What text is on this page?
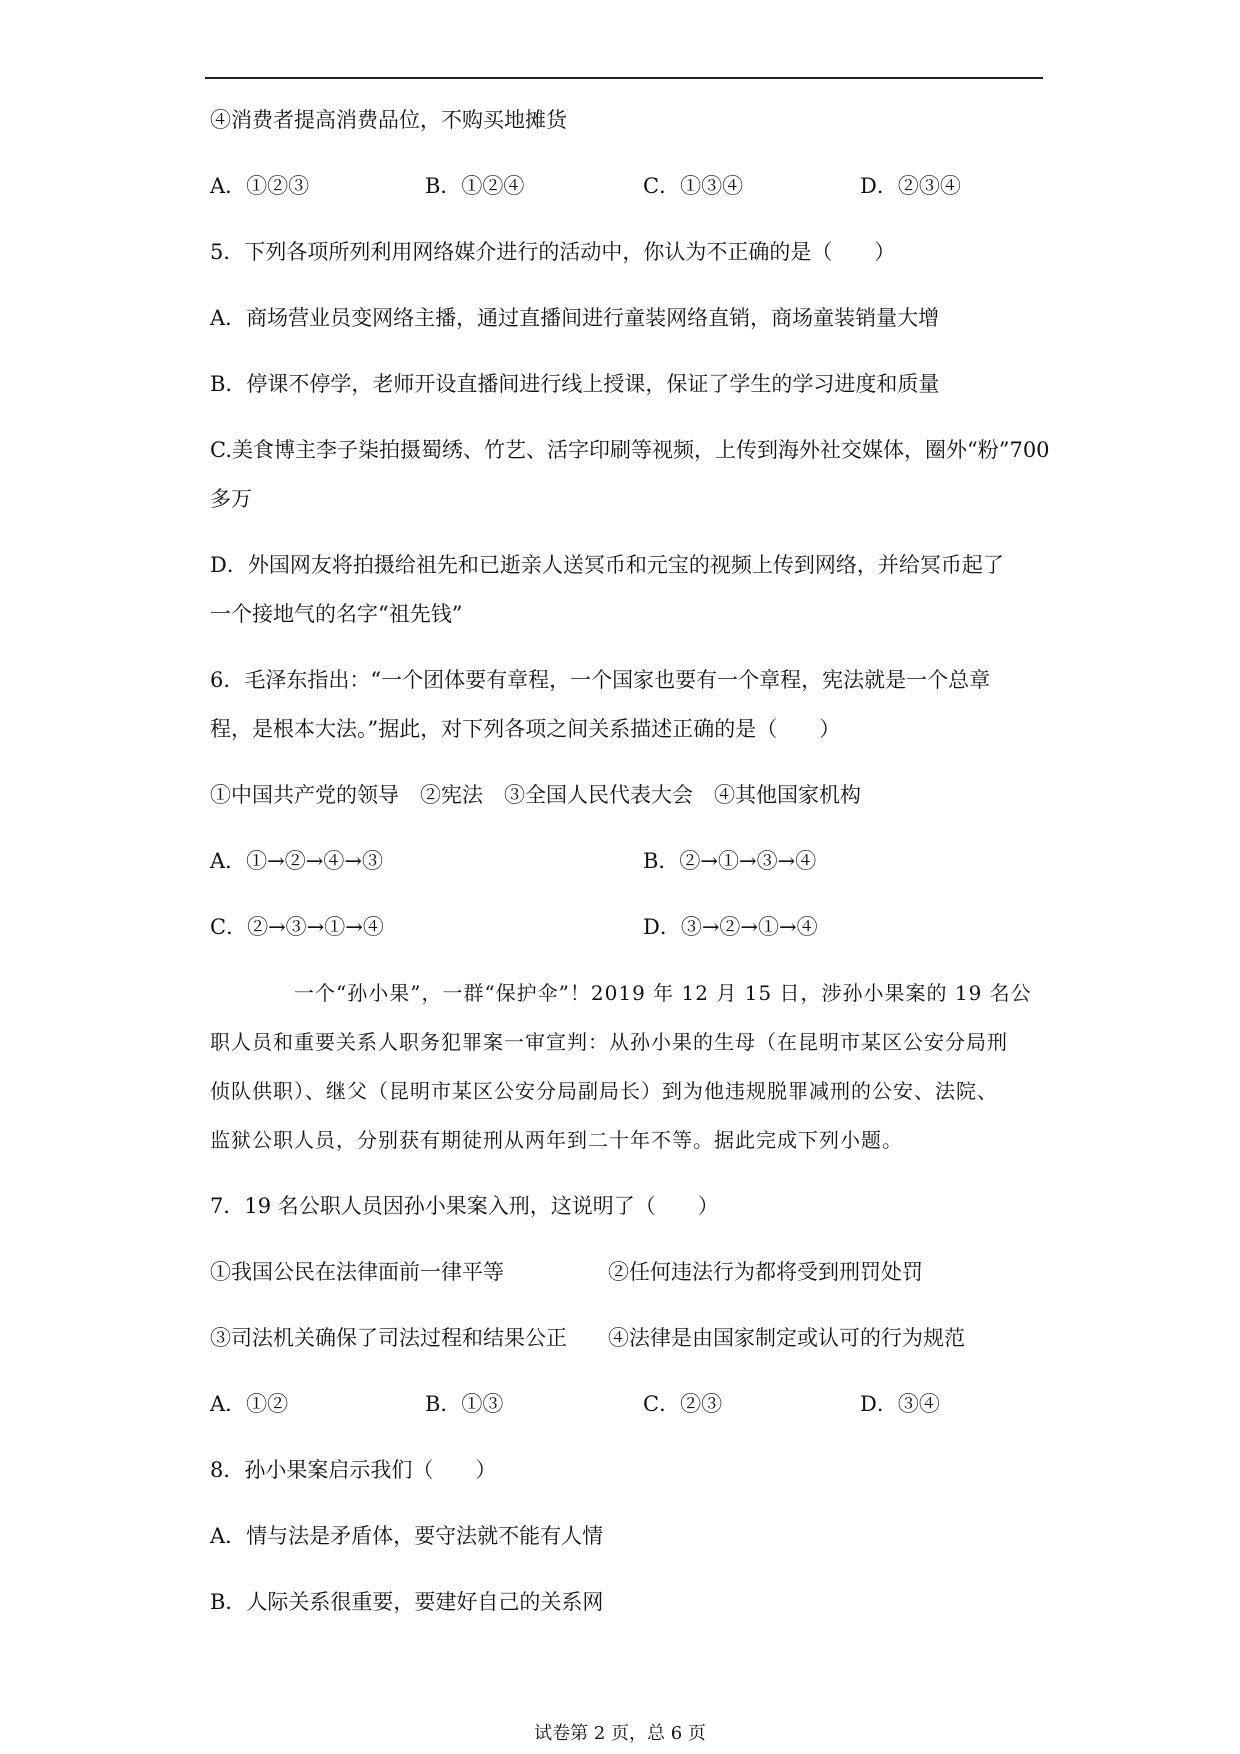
④消费者提高消费品位，不购买地摊货
A．①②③	B．①②④	C．①③④	D．②③④
5．下列各项所列利用网络媒介进行的活动中，你认为不正确的是（　　）
A．商场营业员变网络主播，通过直播间进行童装网络直销，商场童装销量大增
B．停课不停学，老师开设直播间进行线上授课，保证了学生的学习进度和质量
C.美食博主李子柒拍摄蜀绣、竹艺、活字印刷等视频，上传到海外社交媒体，圈外“粉”700
多万
D．外国网友将拍摄给祖先和已逝亲人送冥币和元宝的视频上传到网络，并给冥币起了
一个接地气的名字“祖先钱”
6．毛泽东指出：“一个团体要有章程，一个国家也要有一个章程，宪法就是一个总章
程，是根本大法。”据此，对下列各项之间关系描述正确的是（　　）
①中国共产党的领导　②宪法　③全国人民代表大会　④其他国家机构
A．①→②→④→③	B．②→①→③→④
C．②→③→①→④	D．③→②→①→④
一个“孙小果”，一群“保护伞”！2019 年 12 月 15 日，涉孙小果案的 19 名公
职人员和重要关系人职务犯罪案一审宣判：从孙小果的生母（在昆明市某区公安分局刑
侦队供职）、继父（昆明市某区公安分局副局长）到为他违规脱罪减刑的公安、法院、
监狱公职人员，分别获有期徒刑从两年到二十年不等。据此完成下列小题。
7．19 名公职人员因孙小果案入刑，这说明了（　　）
①我国公民在法律面前一律平等	②任何违法行为都将受到刑罚处罚
③司法机关确保了司法过程和结果公正 ④法律是由国家制定或认可的行为规范
A．①②	B．①③	C．②③	D．③④
8．孙小果案启示我们（　　）
A．情与法是矛盾体，要守法就不能有人情
B．人际关系很重要，要建好自己的关系网
试卷第 2 页，总 6 页
